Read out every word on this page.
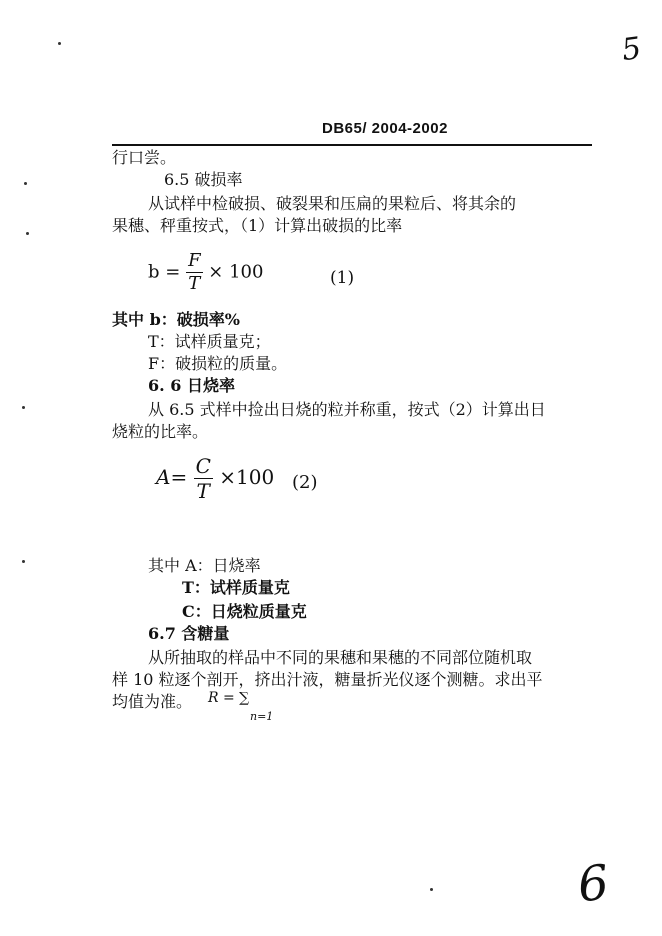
5
DB65/ 2004-2002
行口尝。
6.5 破损率
从试样中检破损、破裂果和压扁的果粒后、将其余的
果穗、秤重按式，（1）计算出破损的比率
$b = \frac{F}{T} \times 100$	(1)
其中 b：破损率%
T：试样质量克；
F：破损粒的质量。
6. 6 日烧率
从 6.5 式样中捡出日烧的粒并称重，按式（2）计算出日
烧粒的比率。
$A= \frac{C}{T} \times 100$ (2)
其中 A：日烧率
T：试样质量克
C：日烧粒质量克
6.7 含糖量
从所抽取的样品中不同的果穗和果穗的不同部位随机取
样 10 粒逐个剖开，挤出汁液，糖量折光仪逐个测糖。求出平
均值为准。 R = ∑
n=1
6
